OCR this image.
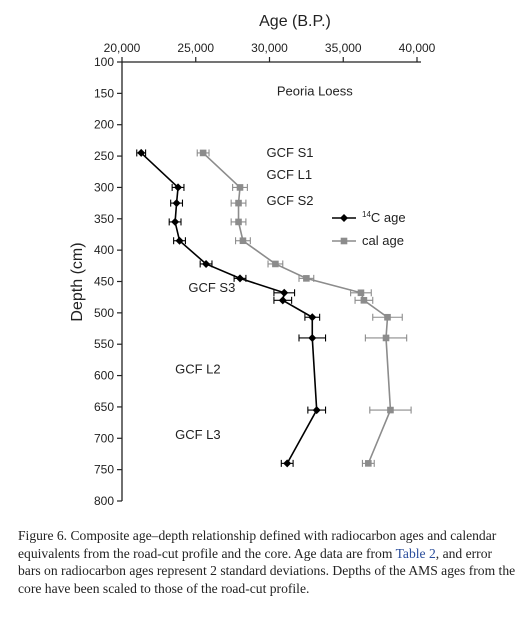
Age (B.P.)
Depth (cm)
20,000	25,000	30,000	35,000	40,000
100
150
200
250
300
350
400
450
500
550
600
650
700
750
800
Peoria Loess
GCF S1
GCF L1
GCF S2
GCF S3
GCF L2
GCF L3
$^{14}$C age
cal age

Figure 6. Composite age–depth relationship defined with radiocarbon ages and calendar equivalents from the road-cut profile and the core. Age data are from Table 2, and error bars on radiocarbon ages represent 2 standard deviations. Depths of the AMS ages from the core have been scaled to those of the road-cut profile.
